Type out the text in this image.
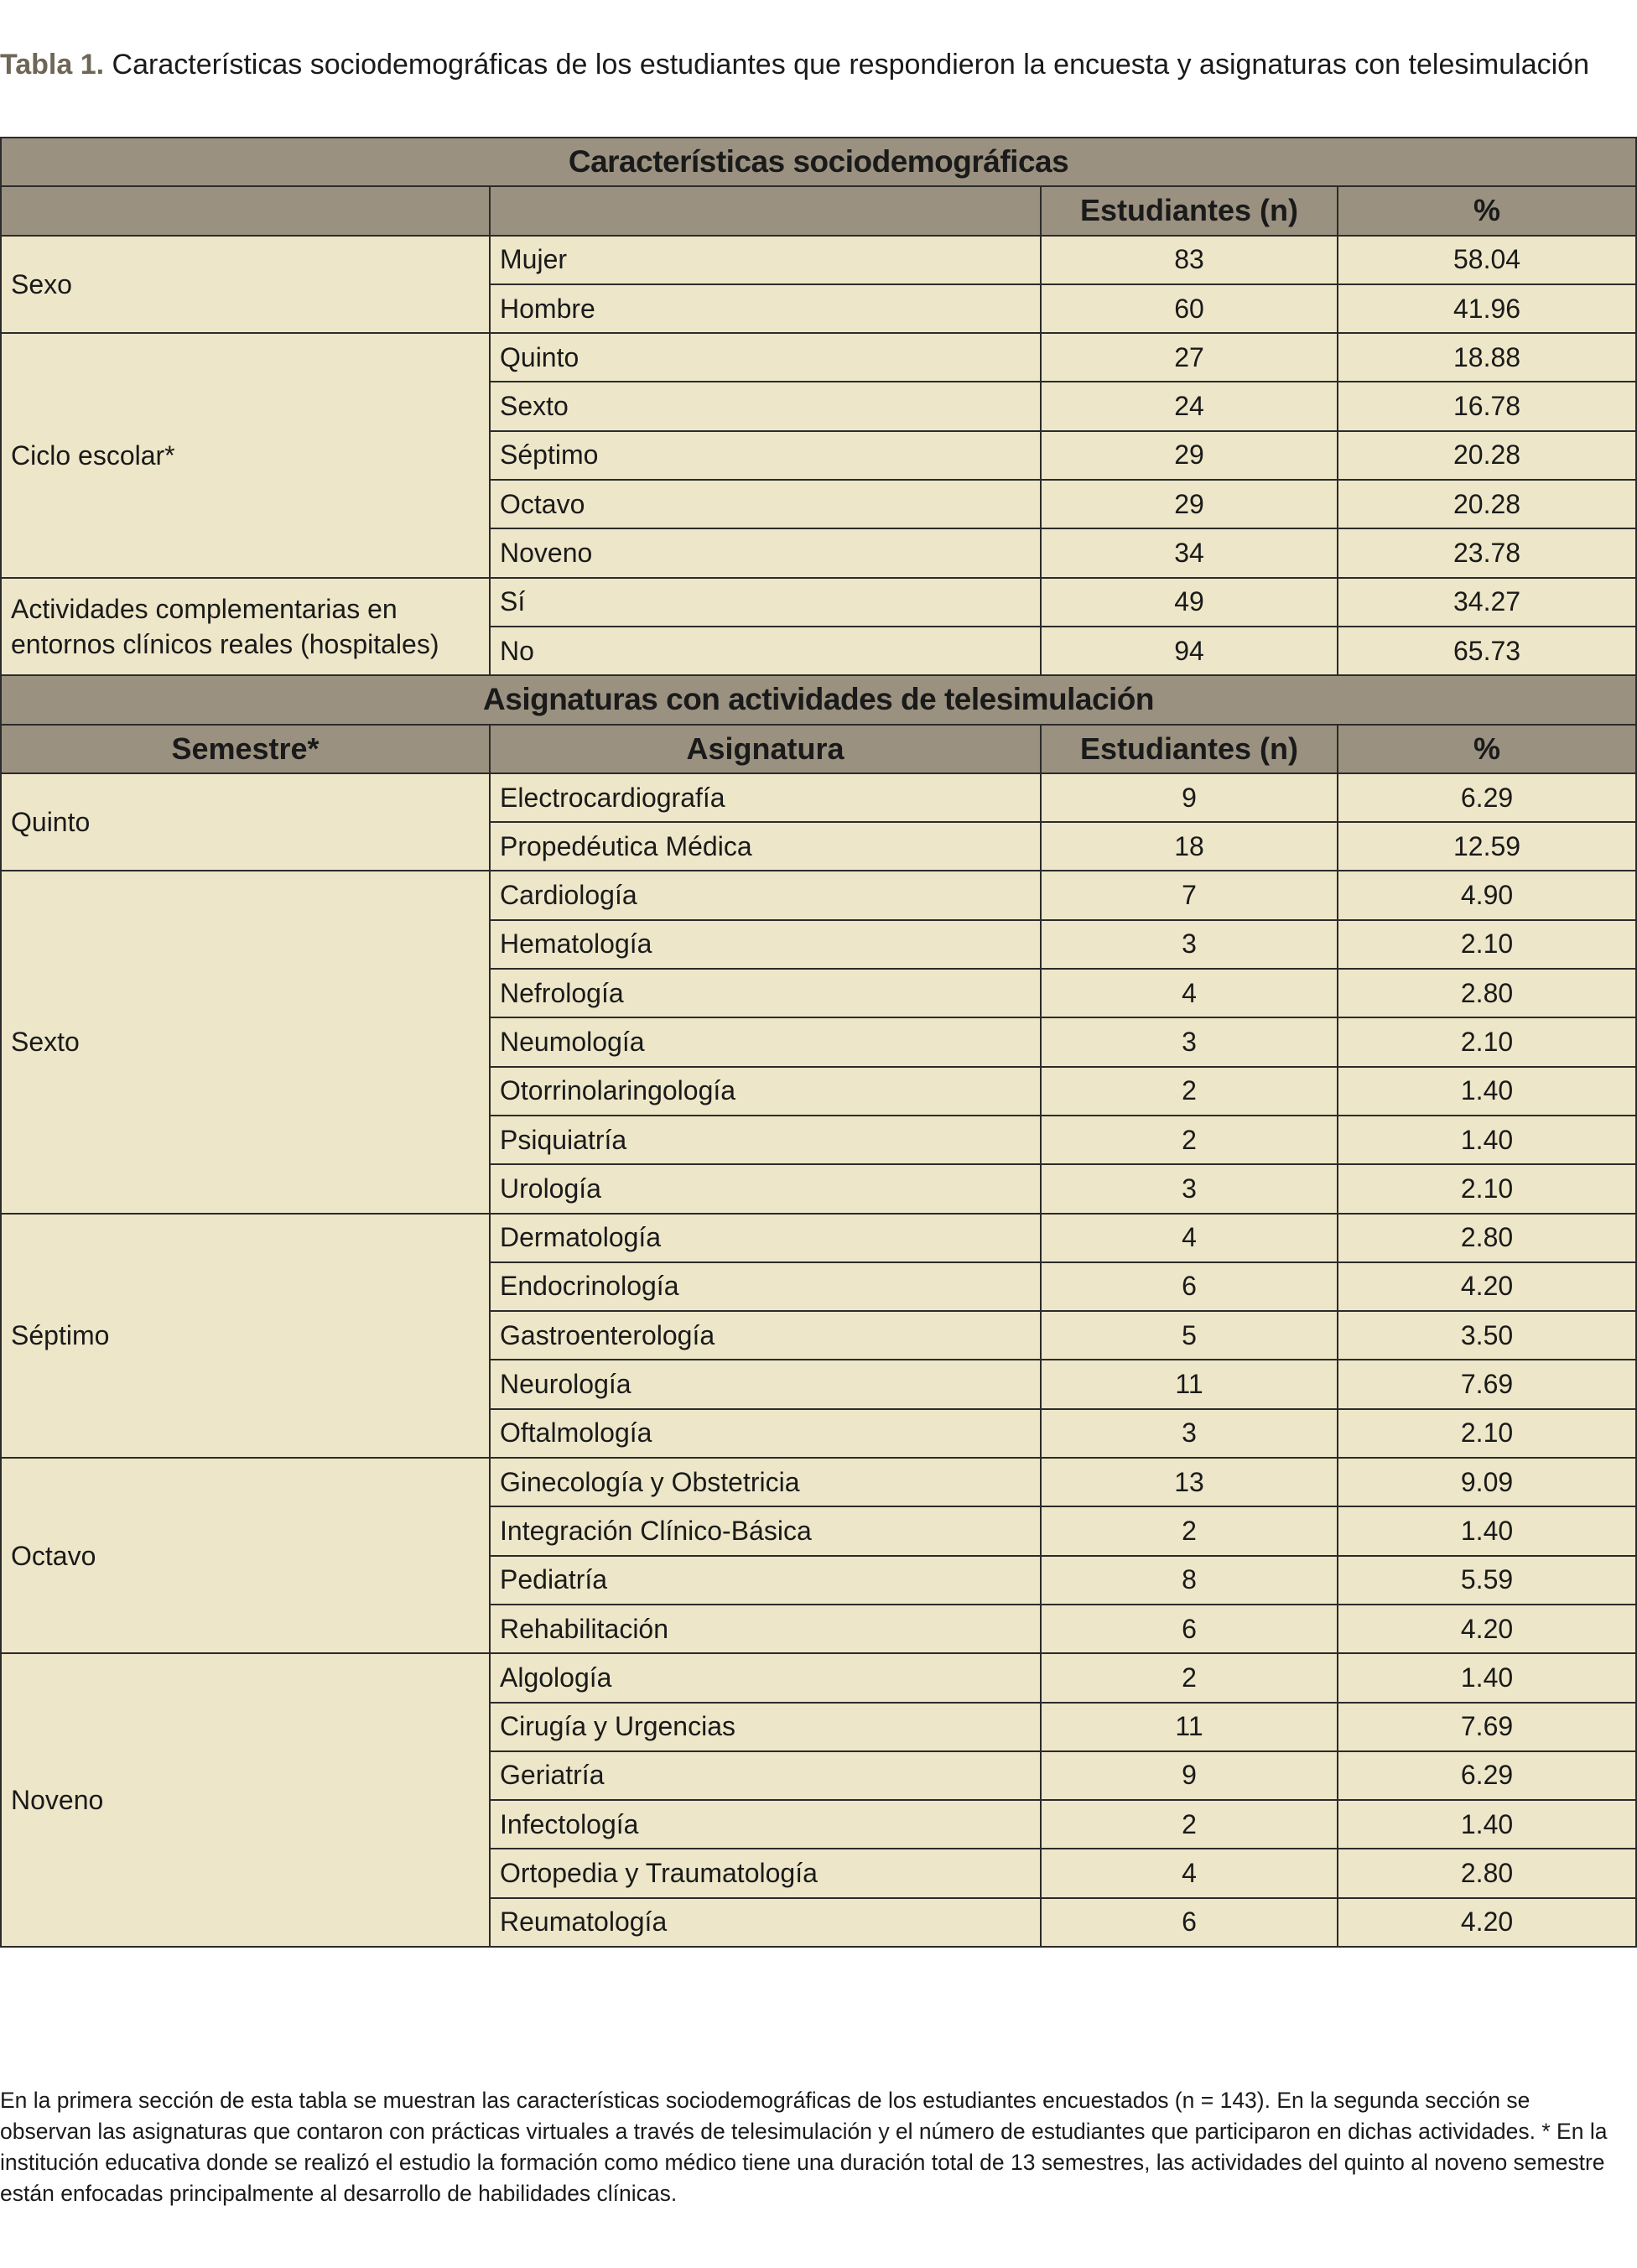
Tabla 1. Características sociodemográficas de los estudiantes que respondieron la encuesta y asignaturas con telesimulación
Características sociodemográficas			
		Estudiantes (n)	%
Sexo	Mujer	83	58.04
	Hombre	60	41.96
Ciclo escolar*	Quinto	27	18.88
	Sexto	24	16.78
	Séptimo	29	20.28
	Octavo	29	20.28
	Noveno	34	23.78
Actividades complementarias en entornos clínicos reales (hospitales)	Sí	49	34.27
	No	94	65.73
Asignaturas con actividades de telesimulación			
Semestre*	Asignatura	Estudiantes (n)	%
Quinto	Electrocardiografía	9	6.29
	Propedéutica Médica	18	12.59
Sexto	Cardiología	7	4.90
	Hematología	3	2.10
	Nefrología	4	2.80
	Neumología	3	2.10
	Otorrinolaringología	2	1.40
	Psiquiatría	2	1.40
	Urología	3	2.10
Séptimo	Dermatología	4	2.80
	Endocrinología	6	4.20
	Gastroenterología	5	3.50
	Neurología	11	7.69
	Oftalmología	3	2.10
Octavo	Ginecología y Obstetricia	13	9.09
	Integración Clínico-Básica	2	1.40
	Pediatría	8	5.59
	Rehabilitación	6	4.20
Noveno	Algología	2	1.40
	Cirugía y Urgencias	11	7.69
	Geriatría	9	6.29
	Infectología	2	1.40
	Ortopedia y Traumatología	4	2.80
	Reumatología	6	4.20
En la primera sección de esta tabla se muestran las características sociodemográficas de los estudiantes encuestados (n = 143). En la segunda sección se observan las asignaturas que contaron con prácticas virtuales a través de telesimulación y el número de estudiantes que participaron en dichas actividades. * En la institución educativa donde se realizó el estudio la formación como médico tiene una duración total de 13 semestres, las actividades del quinto al noveno semestre están enfocadas principalmente al desarrollo de habilidades clínicas.
